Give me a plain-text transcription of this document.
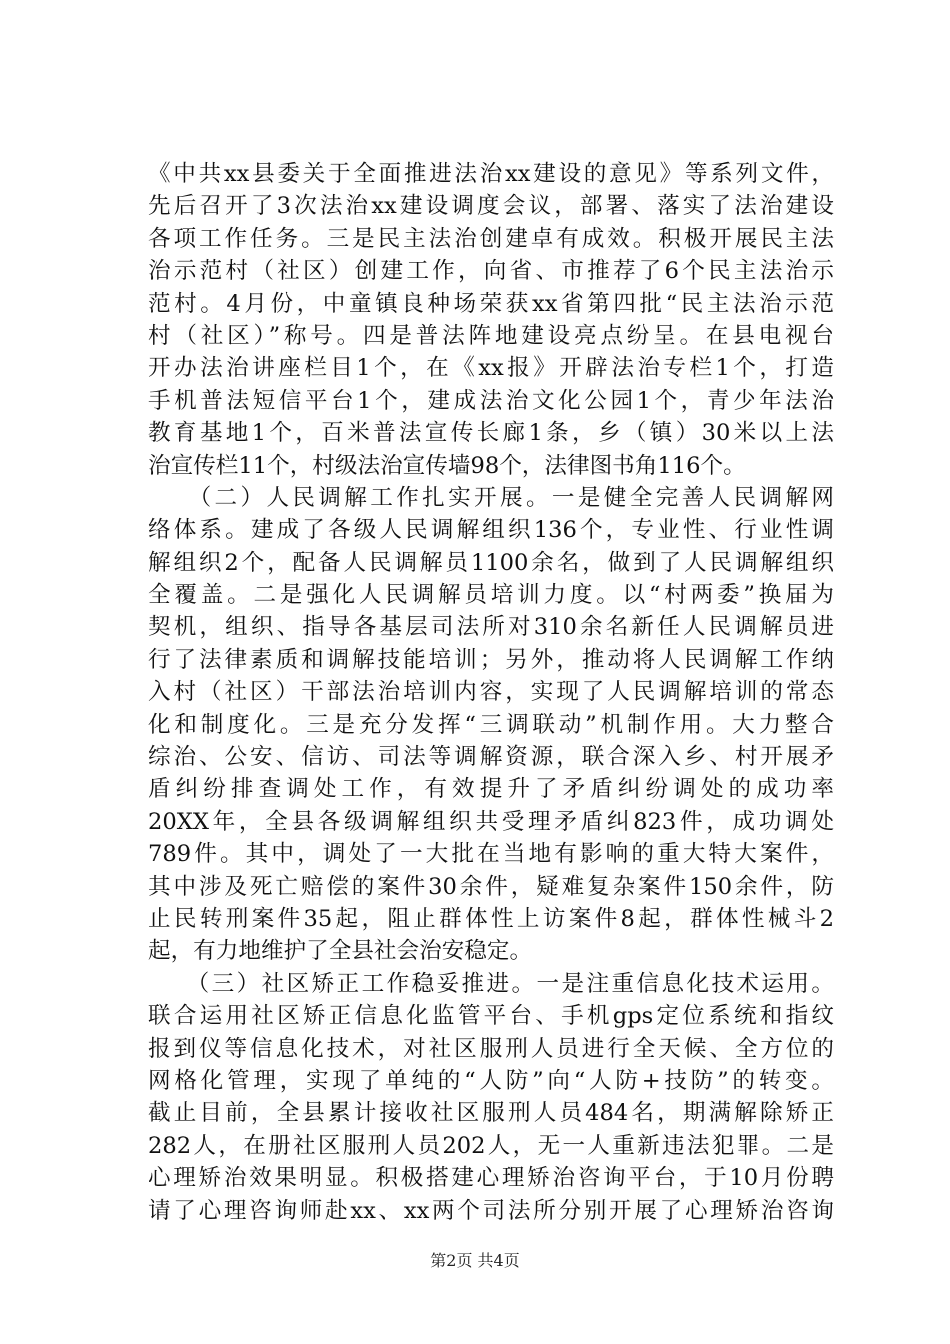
《中共xx县委关于全面推进法治xx建设的意见》等系列文件，
先后召开了3次法治xx建设调度会议，部署、落实了法治建设
各项工作任务。三是民主法治创建卓有成效。积极开展民主法
治示范村（社区）创建工作，向省、市推荐了6个民主法治示
范村。4月份，中童镇良种场荣获xx省第四批“民主法治示范
村（社区）”称号。四是普法阵地建设亮点纷呈。在县电视台
开办法治讲座栏目1个，在《xx报》开辟法治专栏1个，打造
手机普法短信平台1个，建成法治文化公园1个，青少年法治
教育基地1个，百米普法宣传长廊1条，乡（镇）30米以上法
治宣传栏11个，村级法治宣传墙98个，法律图书角116个。
　　（二）人民调解工作扎实开展。一是健全完善人民调解网
络体系。建成了各级人民调解组织136个，专业性、行业性调
解组织2个，配备人民调解员1100余名，做到了人民调解组织
全覆盖。二是强化人民调解员培训力度。以“村两委”换届为
契机，组织、指导各基层司法所对310余名新任人民调解员进
行了法律素质和调解技能培训；另外，推动将人民调解工作纳
入村（社区）干部法治培训内容，实现了人民调解培训的常态
化和制度化。三是充分发挥“三调联动”机制作用。大力整合
综治、公安、信访、司法等调解资源，联合深入乡、村开展矛
盾纠纷排查调处工作，有效提升了矛盾纠纷调处的成功率
20XX年，全县各级调解组织共受理矛盾纠823件，成功调处
789件。其中，调处了一大批在当地有影响的重大特大案件，
其中涉及死亡赔偿的案件30余件，疑难复杂案件150余件，防
止民转刑案件35起，阻止群体性上访案件8起，群体性械斗2
起，有力地维护了全县社会治安稳定。
　　（三）社区矫正工作稳妥推进。一是注重信息化技术运用。
联合运用社区矫正信息化监管平台、手机gps定位系统和指纹
报到仪等信息化技术，对社区服刑人员进行全天候、全方位的
网格化管理，实现了单纯的“人防”向“人防+技防”的转变。
截止目前，全县累计接收社区服刑人员484名，期满解除矫正
282人，在册社区服刑人员202人，无一人重新违法犯罪。二是
心理矫治效果明显。积极搭建心理矫治咨询平台，于10月份聘
请了心理咨询师赴xx、xx两个司法所分别开展了心理矫治咨询
第2页 共4页
